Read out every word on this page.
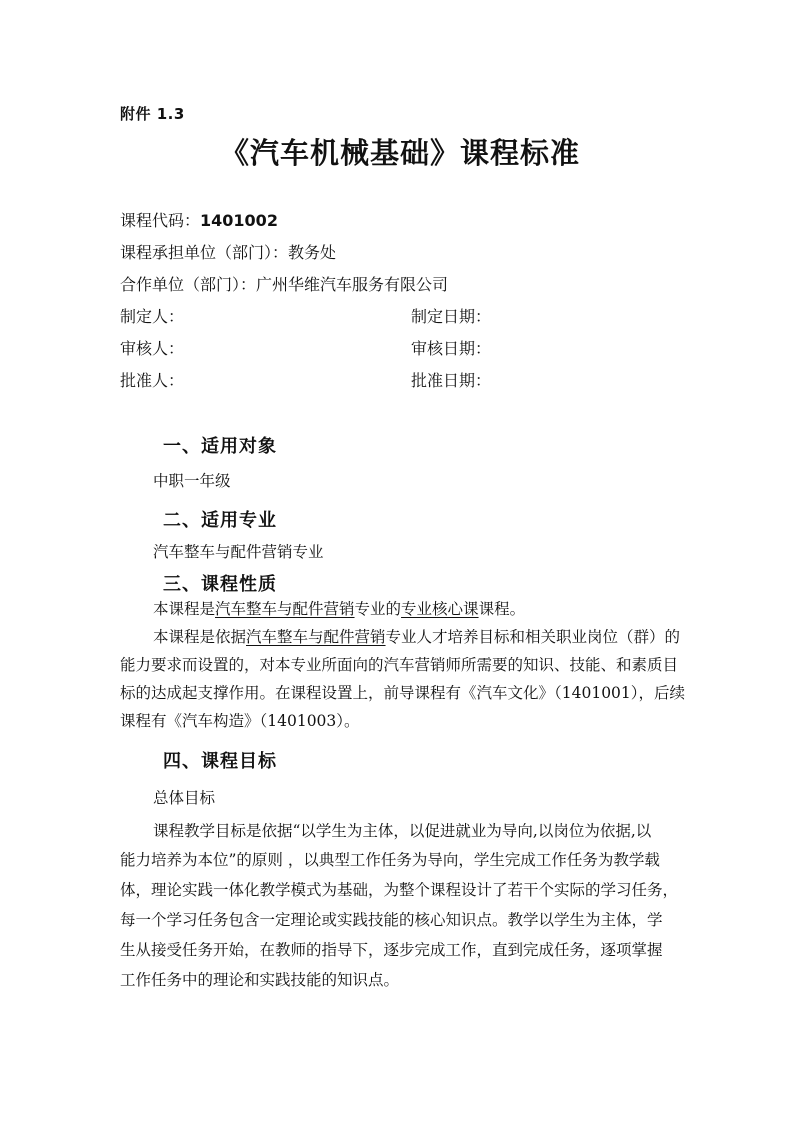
附件 1.3
《汽车机械基础》课程标准
课程代码：1401002
课程承担单位（部门）：教务处
合作单位（部门）：广州华维汽车服务有限公司
制定人：	制定日期：
审核人：	审核日期：
批准人：	批准日期：
一、适用对象
中职一年级
二、适用专业
汽车整车与配件营销专业
三、课程性质
本课程是汽车整车与配件营销专业的专业核心课课程。
本课程是依据汽车整车与配件营销专业人才培养目标和相关职业岗位（群）的
能力要求而设置的，对本专业所面向的汽车营销师所需要的知识、技能、和素质目
标的达成起支撑作用。在课程设置上，前导课程有《汽车文化》（1401001），后续
课程有《汽车构造》（1401003）。
四、课程目标
总体目标
课程教学目标是依据“以学生为主体，以促进就业为导向,以岗位为依据,以
能力培养为本位”的原则 ，以典型工作任务为导向，学生完成工作任务为教学载
体，理论实践一体化教学模式为基础，为整个课程设计了若干个实际的学习任务，
每一个学习任务包含一定理论或实践技能的核心知识点。教学以学生为主体，学
生从接受任务开始，在教师的指导下，逐步完成工作，直到完成任务，逐项掌握
工作任务中的理论和实践技能的知识点。
